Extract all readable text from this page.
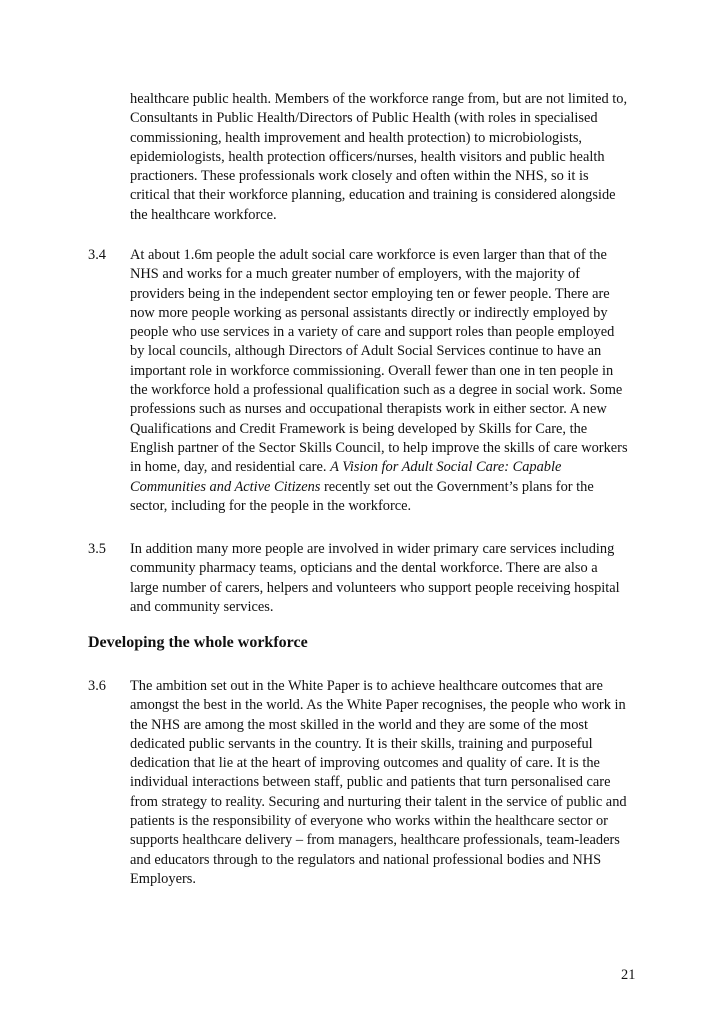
healthcare public health. Members of the workforce range from, but are not limited to,
Consultants in Public Health/Directors of Public Health (with roles in specialised
commissioning, health improvement and health protection) to microbiologists,
epidemiologists, health protection officers/nurses, health visitors and public health
practioners. These professionals work closely and often within the NHS, so it is
critical that their workforce planning, education and training is considered alongside
the healthcare workforce.
3.4	At about 1.6m people the adult social care workforce is even larger than that of the
NHS and works for a much greater number of employers, with the majority of
providers being in the independent sector employing ten or fewer people. There are
now more people working as personal assistants directly or indirectly employed by
people who use services in a variety of care and support roles than people employed
by local councils, although Directors of Adult Social Services continue to have an
important role in workforce commissioning. Overall fewer than one in ten people in
the workforce hold a professional qualification such as a degree in social work. Some
professions such as nurses and occupational therapists work in either sector. A new
Qualifications and Credit Framework is being developed by Skills for Care, the
English partner of the Sector Skills Council, to help improve the skills of care workers
in home, day, and residential care. A Vision for Adult Social Care: Capable
Communities and Active Citizens recently set out the Government’s plans for the
sector, including for the people in the workforce.
3.5	In addition many more people are involved in wider primary care services including
community pharmacy teams, opticians and the dental workforce. There are also a
large number of carers, helpers and volunteers who support people receiving hospital
and community services.
Developing the whole workforce
3.6	The ambition set out in the White Paper is to achieve healthcare outcomes that are
amongst the best in the world. As the White Paper recognises, the people who work in
the NHS are among the most skilled in the world and they are some of the most
dedicated public servants in the country. It is their skills, training and purposeful
dedication that lie at the heart of improving outcomes and quality of care. It is the
individual interactions between staff, public and patients that turn personalised care
from strategy to reality. Securing and nurturing their talent in the service of public and
patients is the responsibility of everyone who works within the healthcare sector or
supports healthcare delivery – from managers, healthcare professionals, team-leaders
and educators through to the regulators and national professional bodies and NHS
Employers.
21
